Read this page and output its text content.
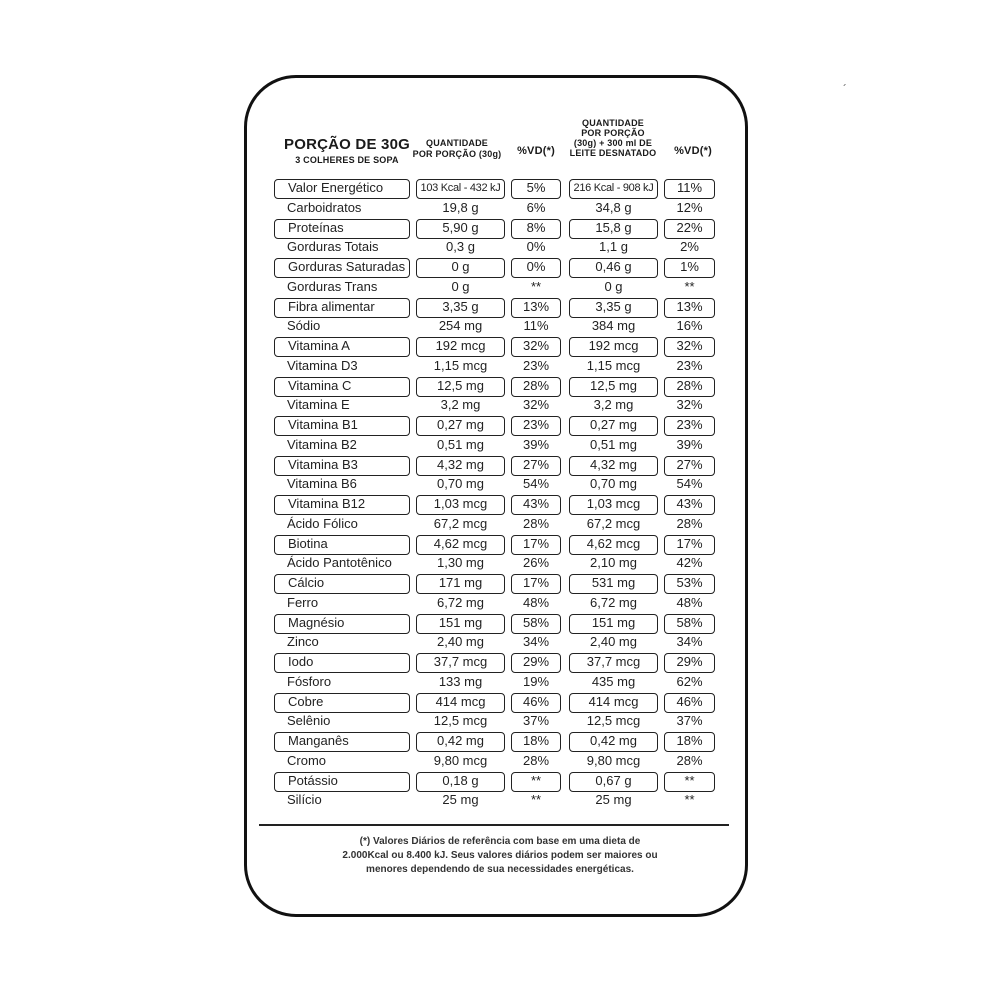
´
PORÇÃO DE 30G
3 COLHERES DE SOPA
QUANTIDADE
POR PORÇÃO (30g)	%VD(*)
QUANTIDADE
POR PORÇÃO
(30g) + 300 ml DE
LEITE DESNATADO	%VD(*)
Valor Energético	103 Kcal - 432 kJ	5%	216 Kcal - 908 kJ	11%
Carboidratos	19,8 g	6%	34,8 g	12%
Proteínas	5,90 g	8%	15,8 g	22%
Gorduras Totais	0,3 g	0%	1,1 g	2%
Gorduras Saturadas	0 g	0%	0,46 g	1%
Gorduras Trans	0 g	**	0 g	**
Fibra alimentar	3,35 g	13%	3,35 g	13%
Sódio	254 mg	11%	384 mg	16%
Vitamina A	192 mcg	32%	192 mcg	32%
Vitamina D3	1,15 mcg	23%	1,15 mcg	23%
Vitamina C	12,5 mg	28%	12,5 mg	28%
Vitamina E	3,2 mg	32%	3,2 mg	32%
Vitamina B1	0,27 mg	23%	0,27 mg	23%
Vitamina B2	0,51 mg	39%	0,51 mg	39%
Vitamina B3	4,32 mg	27%	4,32 mg	27%
Vitamina B6	0,70 mg	54%	0,70 mg	54%
Vitamina B12	1,03 mcg	43%	1,03 mcg	43%
Ácido Fólico	67,2 mcg	28%	67,2 mcg	28%
Biotina	4,62 mcg	17%	4,62 mcg	17%
Ácido Pantotênico	1,30 mg	26%	2,10 mg	42%
Cálcio	171 mg	17%	531 mg	53%
Ferro	6,72 mg	48%	6,72 mg	48%
Magnésio	151 mg	58%	151 mg	58%
Zinco	2,40 mg	34%	2,40 mg	34%
Iodo	37,7 mcg	29%	37,7 mcg	29%
Fósforo	133 mg	19%	435 mg	62%
Cobre	414 mcg	46%	414 mcg	46%
Selênio	12,5 mcg	37%	12,5 mcg	37%
Manganês	0,42 mg	18%	0,42 mg	18%
Cromo	9,80 mcg	28%	9,80 mcg	28%
Potássio	0,18 g	**	0,67 g	**
Silício	25 mg	**	25 mg	**
(*) Valores Diários de referência com base em uma dieta de
2.000Kcal ou 8.400 kJ. Seus valores diários podem ser maiores ou
menores dependendo de sua necessidades energéticas.
